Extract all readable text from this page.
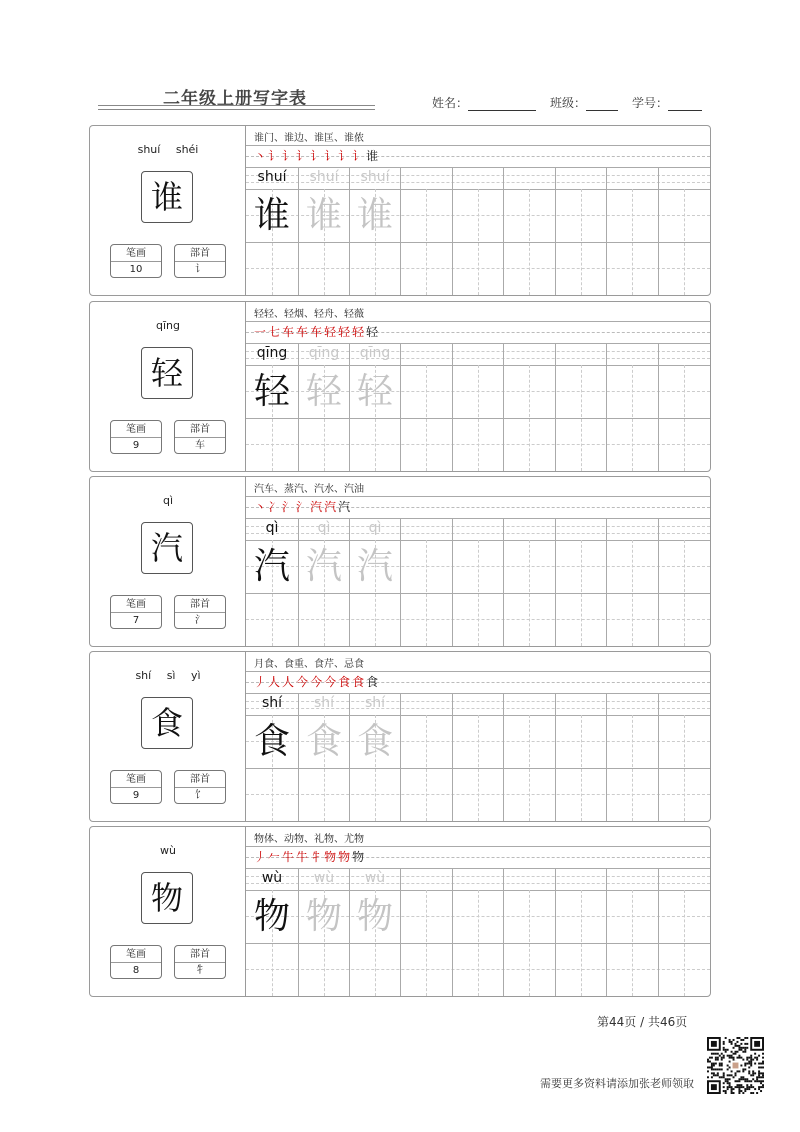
二年级上册写字表	姓名：	班级：	学号：
shuí shéi
谁
笔画
10
部首
讠
谁门、谁边、谁匡、谁侬
丶讠讠讠讠讠讠讠谁
shuí
谁
shuí
谁
shuí
谁
qīng
轻
笔画
9
部首
车
轻轻、轻烟、轻舟、轻薇
一七车车车轻轻轻轻
qīng
轻
qīng
轻
qīng
轻
qì
汽
笔画
7
部首
氵
汽车、蒸汽、汽水、汽油
丶冫氵氵汽汽汽
qì
汽
qì
汽
qì
汽
shí sì yì
食
笔画
9
部首
饣
月食、食重、食芹、忌食
丿人人今今今食食食
shí
食
shí
食
shí
食
wù
物
笔画
8
部首
牜
物体、动物、礼物、尤物
丿𠂉牛牛牜物物物
wù
物
wù
物
wù
物
第44页 / 共46页
需要更多资料请添加张老师领取
